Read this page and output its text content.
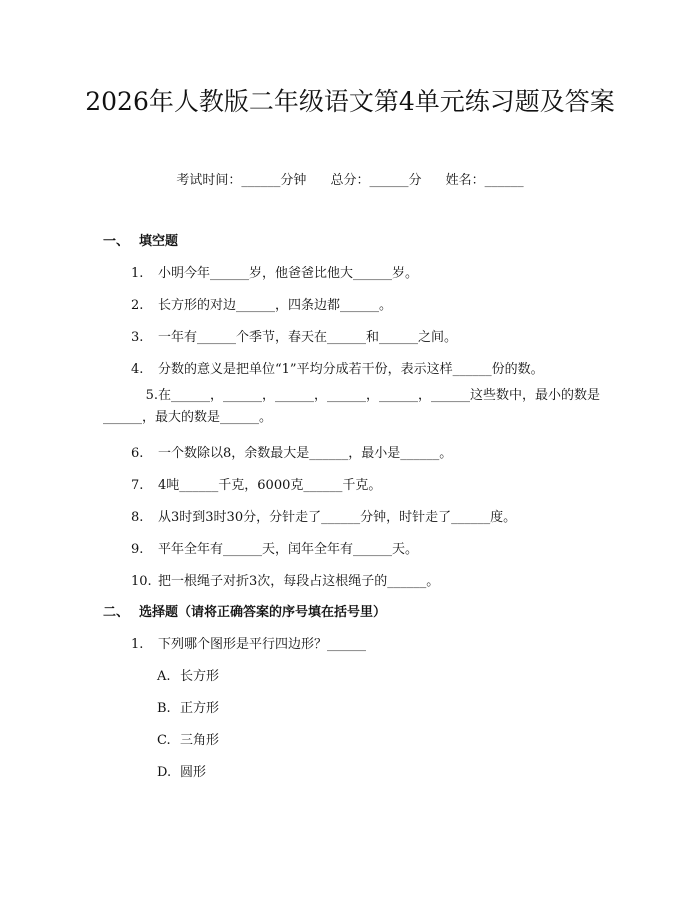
2026年人教版二年级语文第4单元练习题及答案
考试时间：______分钟 总分：______分 姓名：______
一、 填空题
1. 小明今年______岁，他爸爸比他大______岁。
2. 长方形的对边______，四条边都______。
3. 一年有______个季节，春天在______和______之间。
4. 分数的意义是把单位“1”平均分成若干份，表示这样______份的数。
5.在______，______，______，______，______，______这些数中，最小的数是______，最大的数是______。
6. 一个数除以8，余数最大是______，最小是______。
7. 4吨______千克，6000克______千克。
8. 从3时到3时30分，分针走了______分钟，时针走了______度。
9. 平年全年有______天，闰年全年有______天。
10. 把一根绳子对折3次，每段占这根绳子的______。
二、 选择题（请将正确答案的序号填在括号里）
1. 下列哪个图形是平行四边形？______
A. 长方形
B. 正方形
C. 三角形
D. 圆形
